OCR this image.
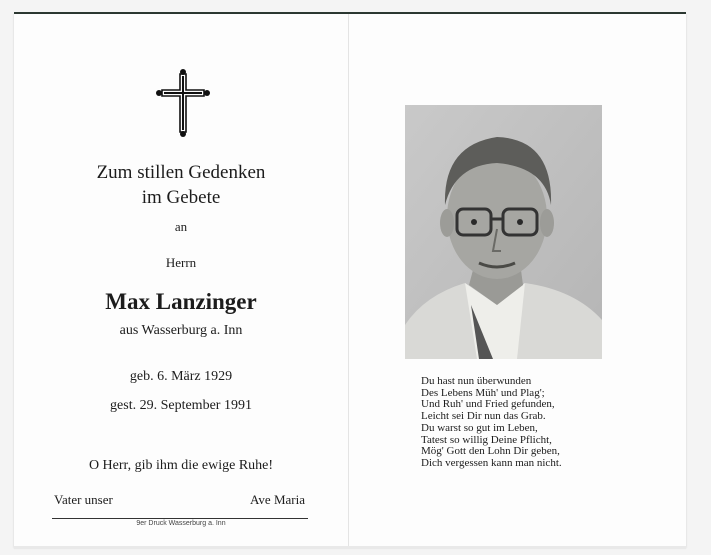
Zum stillen Gedenken
im Gebete
an
Herrn
Max Lanzinger
aus Wasserburg a. Inn
geb. 6. März 1929
gest. 29. September 1991
O Herr, gib ihm die ewige Ruhe!
Vater unser	Ave Maria
9er Druck Wasserburg a. Inn
Du hast nun überwunden
Des Lebens Müh' und Plag';
Und Ruh' und Fried gefunden,
Leicht sei Dir nun das Grab.
Du warst so gut im Leben,
Tatest so willig Deine Pflicht,
Mög' Gott den Lohn Dir geben,
Dich vergessen kann man nicht.
